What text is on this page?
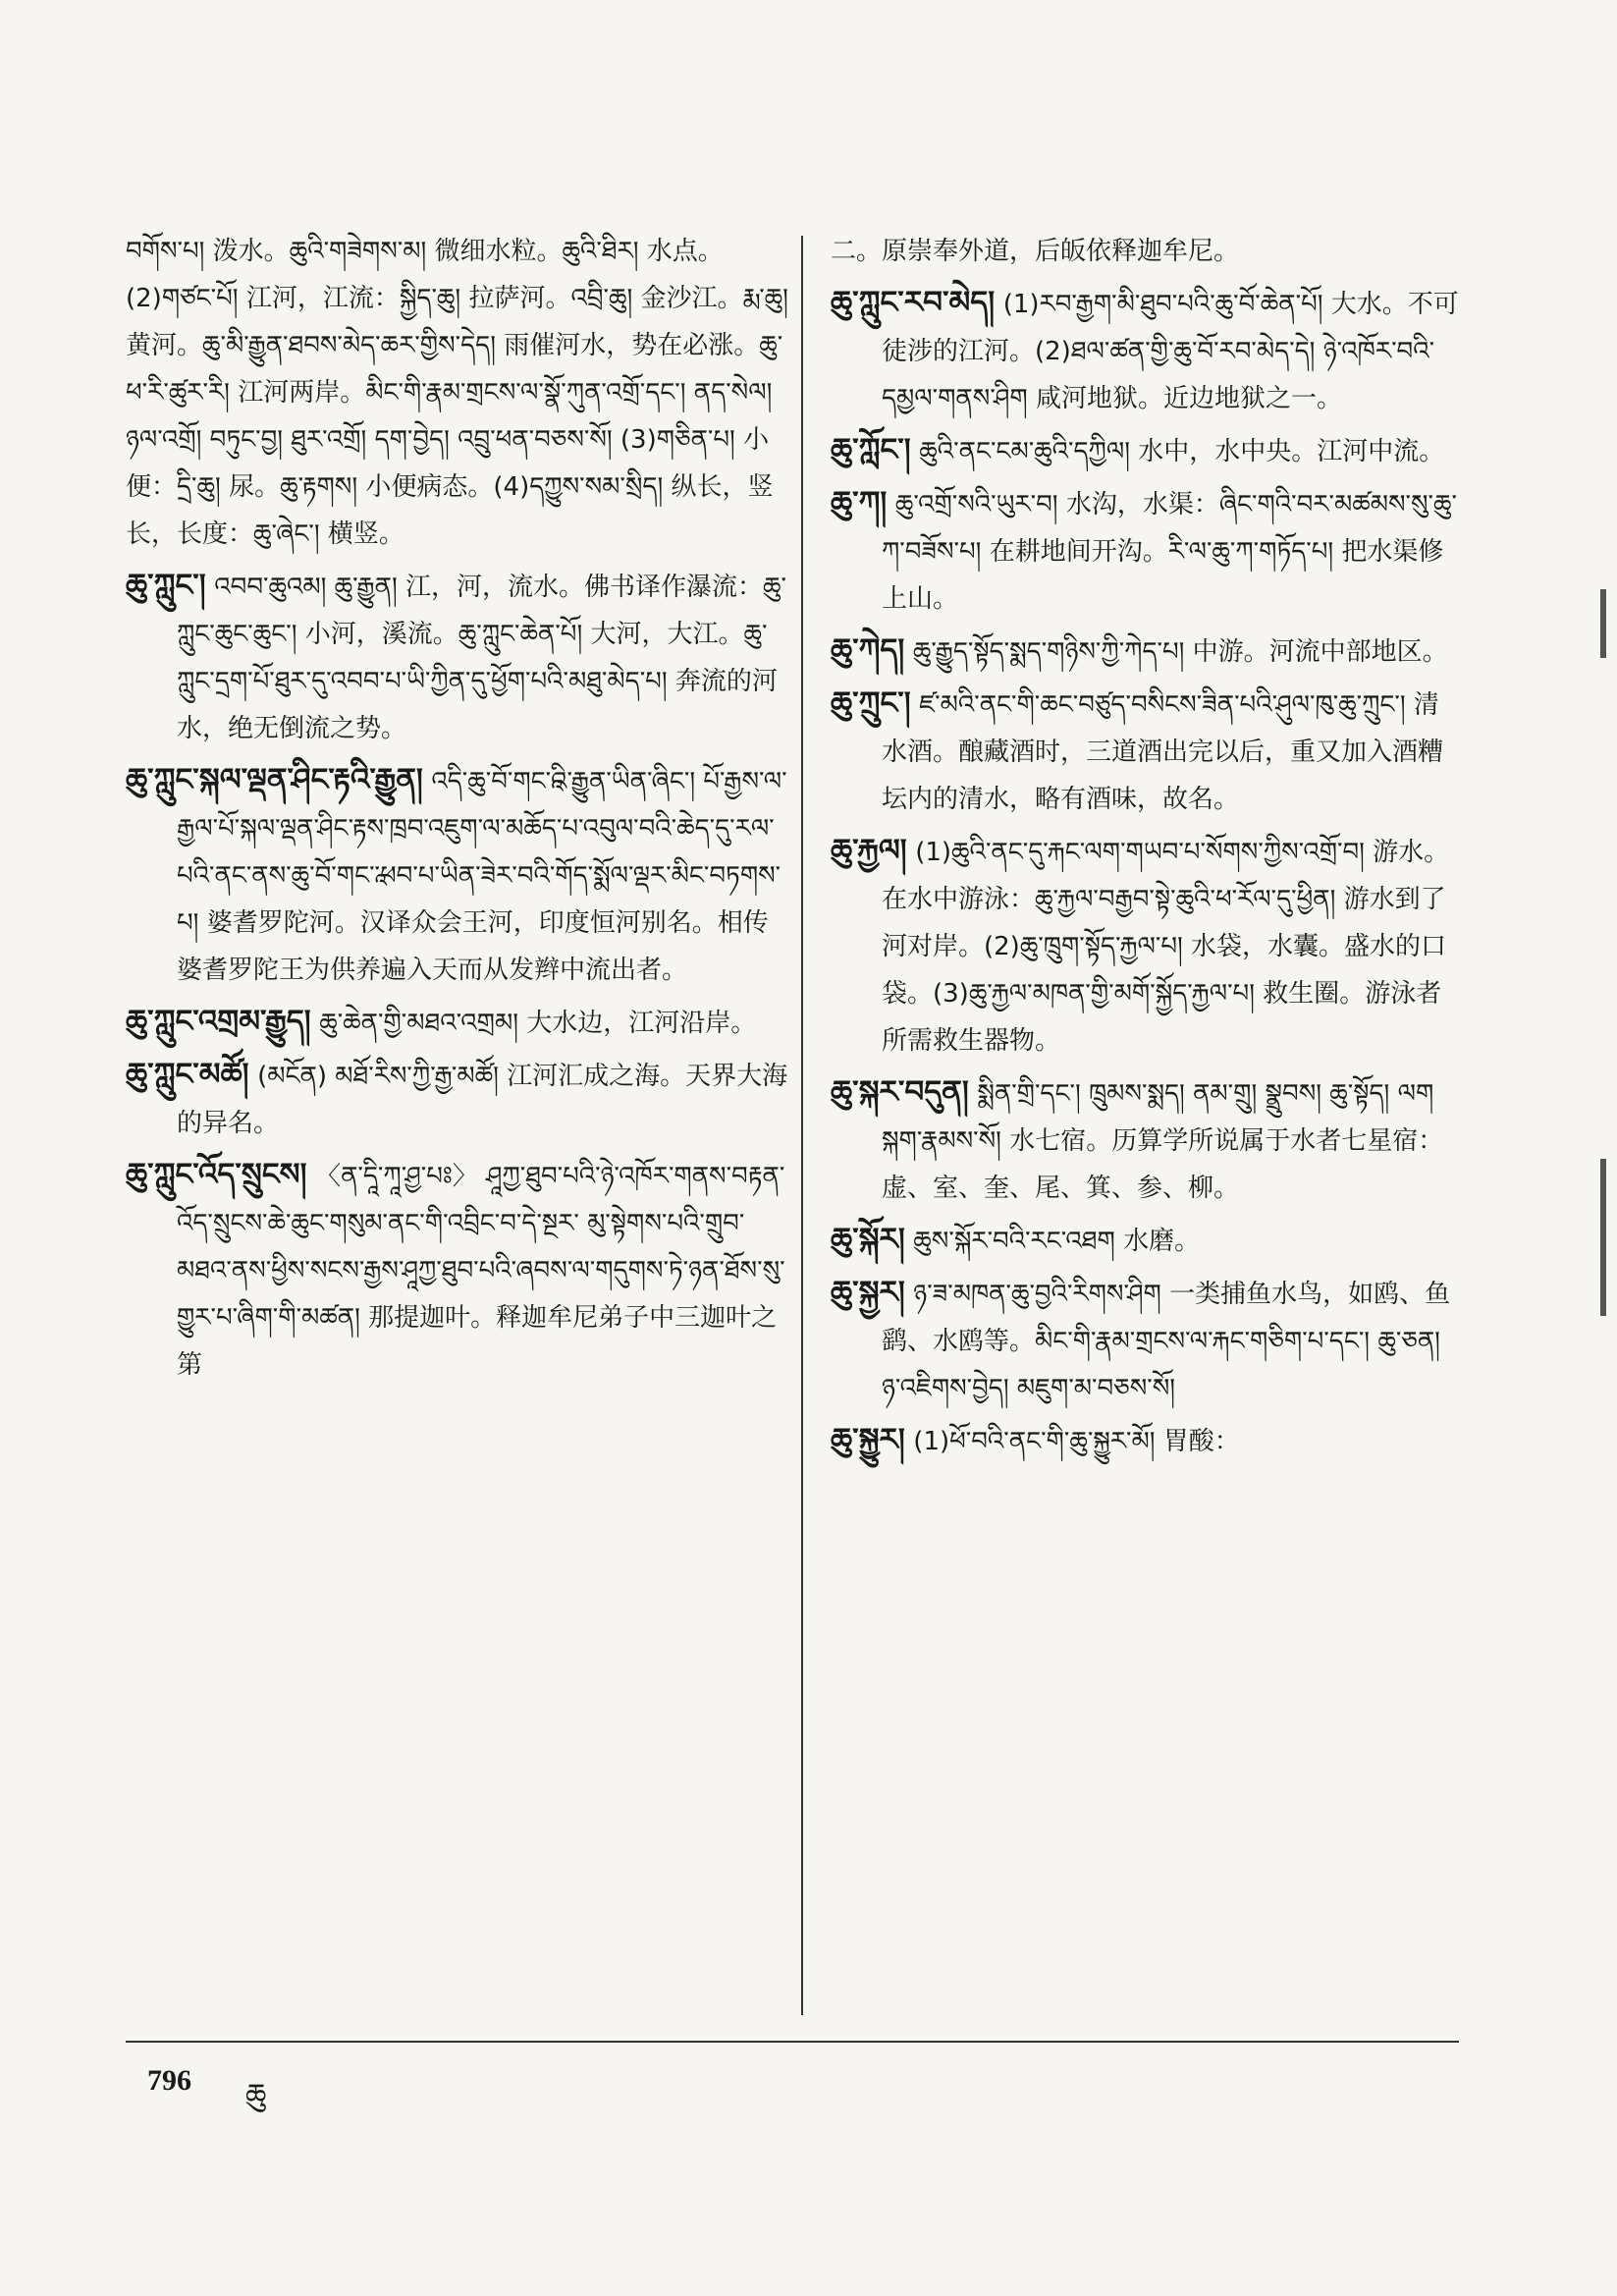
བགོས་པ། 泼水。ཆུའི་གཟེགས་མ། 微细水粒。ཆུའི་ཐིར། 水点。(2)གཙང་པོ། 江河，江流：སྐྱིད་ཆུ། 拉萨河。འབྲི་ཆུ། 金沙江。རྨ་ཆུ། 黄河。ཆུ་མི་རྒྱུན་ཐབས་མེད་ཆར་གྱིས་དེད། 雨催河水，势在必涨。ཆུ་ཕ་རི་ཚུར་རི། 江河两岸。མིང་གི་རྣམ་གྲངས་ལ་སྣོ་ཀུན་འགྲོ་དང་། ནད་སེལ། ཉལ་འགྲོ། བཏུང་བྱ། ཐུར་འགྲོ། དག་བྱེད། འབྲུ་ཕན་བཅས་སོ། (3)གཅིན་པ། 小便：དྲི་ཆུ། 尿。ཆུ་རྟགས། 小便病态。(4)དཀྱུས་སམ་སྲིད། 纵长，竖长，长度：ཆུ་ཞེང་། 横竖。

ཆུ་ཀླུང་། འབབ་ཆུའམ། ཆུ་རྒྱུན། 江，河，流水。佛书译作瀑流：ཆུ་ཀླུང་ཆུང་ཆུང་། 小河，溪流。ཆུ་ཀླུང་ཆེན་པོ། 大河，大江。ཆུ་ཀླུང་དྲག་པོ་ཐུར་དུ་འབབ་པ་ཡི་ཀྱིན་དུ་ཕྱོག་པའི་མཐུ་མེད་པ། 奔流的河水，绝无倒流之势。

ཆུ་ཀླུང་སྐལ་ལྡན་ཤིང་རྟའི་རྒྱུན། འདི་ཆུ་བོ་གང་ཱའི་རྒྱུན་ཡིན་ཞིང་། པོ་རྒྱས་ལ་རྒྱལ་པོ་སྐལ་ལྡན་ཤིང་རྟས་ཁྲབ་འཇུག་ལ་མཆོད་པ་འབུལ་བའི་ཆེད་དུ་རལ་པའི་ནང་ནས་ཆུ་བོ་གང་ཱ་ཕབ་པ་ཡིན་ཟེར་བའི་གོད་སྨོལ་ལྡར་མིང་བཏགས་པ། 婆耆罗陀河。汉译众会王河，印度恒河别名。相传婆耆罗陀王为供养遍入天而从发辫中流出者。

ཆུ་ཀླུང་འགྲམ་རྒྱུད། ཆུ་ཆེན་གྱི་མཐའ་འགྲམ། 大水边，江河沿岸。

ཆུ་ཀླུང་མཚོ། (མངོན) མཐོ་རིས་ཀྱི་རྒྱ་མཚོ། 江河汇成之海。天界大海的异名。

ཆུ་ཀླུང་འོད་སྲུངས། 〈ན་དཱི་ཀཱ་ཤྱ་པཿ〉 ཤཱཀྱ་ཐུབ་པའི་ཉེ་འཁོར་གནས་བརྟན་ འོད་སྲུངས་ཆེ་ཆུང་གསུམ་ནང་གི་འབྲིང་བ་དེ་སྔར་ མུ་སྟེགས་པའི་གྲུབ་མཐའ་ནས་ཕྱིས་སངས་རྒྱས་ཤཱཀྱ་ཐུབ་པའི་ཞབས་ལ་གདུགས་ཏེ་ཉན་ཐོས་སུ་གྱུར་པ་ཞིག་གི་མཚན། 那提迦叶。释迦牟尼弟子中三迦叶之第

二。原崇奉外道，后皈依释迦牟尼。

ཆུ་ཀླུང་རབ་མེད། (1)རབ་རྒྱག་མི་ཐུབ་པའི་ཆུ་བོ་ཆེན་པོ། 大水。不可徒涉的江河。(2)ཐལ་ཚན་གྱི་ཆུ་བོ་རབ་མེད་དེ། ཉེ་འཁོར་བའི་དམྱལ་གནས་ཤིག 咸河地狱。近边地狱之一。

ཆུ་ཀློང་། ཆུའི་ནང་ངམ་ཆུའི་དཀྱིལ། 水中，水中央。江河中流。

ཆུ་ཀ། ཆུ་འགྲོ་སའི་ཡུར་བ། 水沟，水渠：ཞིང་གའི་བར་མཚམས་སུ་ཆུ་ཀ་བཟོས་པ། 在耕地间开沟。རི་ལ་ཆུ་ཀ་གཏོད་པ། 把水渠修上山。

ཆུ་ཀེད། ཆུ་རྒྱུད་སྟོད་སྨད་གཉིས་ཀྱི་ཀེད་པ། 中游。河流中部地区。

ཆུ་ཀྲུང་། ཛ་མའི་ནང་གི་ཆང་བཙུད་བསིངས་ཟིན་པའི་ཤུལ་ཁུ་ཆུ་ཀྲུང་། 清水酒。酿藏酒时，三道酒出完以后，重又加入酒糟坛内的清水，略有酒味，故名。

ཆུ་རྐྱལ། (1)ཆུའི་ནང་དུ་རྐང་ལག་གཡབ་པ་སོགས་ཀྱིས་འགྲོ་བ། 游水。在水中游泳：ཆུ་རྐྱལ་བརྒྱབ་སྟེ་ཆུའི་ཕ་རོལ་དུ་ཕྱིན། 游水到了河对岸。(2)ཆུ་ཁྲུག་སྟོད་རྐྱལ་པ། 水袋，水囊。盛水的口袋。(3)ཆུ་རྐྱལ་མཁན་གྱི་མགོ་སྐྱོད་རྐྱལ་པ། 救生圈。游泳者所需救生器物。

ཆུ་སྐར་བདུན། སྨིན་གྲི་དང་། ཁྲུམས་སྨད། ནམ་གྲུ། སྣྲུབས། ཆུ་སྟོད། ལག སྐག་རྣམས་སོ། 水七宿。历算学所说属于水者七星宿：虚、室、奎、尾、箕、参、柳。

ཆུ་སྐོར། ཆུས་སྐོར་བའི་རང་འཐག 水磨。

ཆུ་སྐྱར། ཉ་ཟ་མཁན་ཆུ་བྱའི་རིགས་ཤིག 一类捕鱼水鸟，如鸥、鱼鹞、水鸥等。མིང་གི་རྣམ་གྲངས་ལ་རྐང་གཅིག་པ་དང་། ཆུ་ཅན། ཉ་འཇིགས་བྱེད། མཇུག་མ་བཅས་སོ།

ཆུ་སྐྱུར། (1)ཕོ་བའི་ནང་གི་ཆུ་སྐྱུར་མོ། 胃酸：

796 ཆུ
